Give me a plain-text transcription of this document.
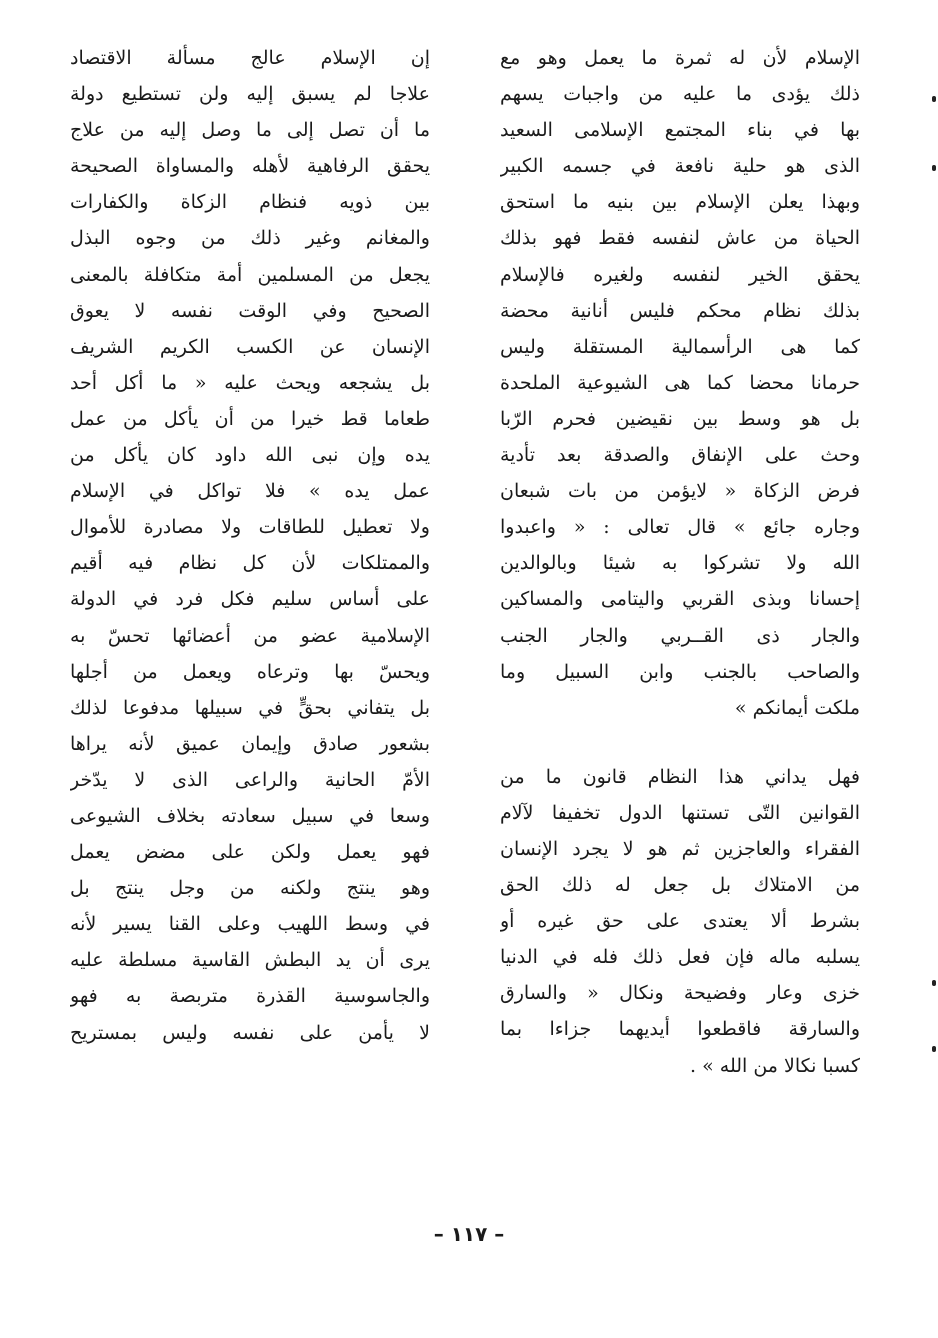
الإسلام لأن له ثمرة ما يعمل وهو مع
ذلك يؤدى ما عليه من واجبات يسهم
بها في بناء المجتمع الإسلامى السعيد
الذى هو حلية نافعة في جسمه الكبير
وبهذا يعلن الإسلام بين بنيه ما استحق
الحياة من عاش لنفسه فقط فهو بذلك
يحقق الخير لنفسه ولغيره فالإسلام
بذلك نظام محكم فليس أنانية محضة
كما هى الرأسمالية المستقلة وليس
حرمانا محضا كما هى الشيوعية الملحدة
بل هو وسط بين نقيضين فحرم الرّبا
وحث على الإنفاق والصدقة بعد تأدية
فرض الزكاة « لايؤمن من بات شبعان
وجاره جائع » قال تعالى : « واعبدوا
الله ولا تشركوا به شيئا وبالوالدين
إحسانا وبذى القربي واليتامى والمساكين
والجار ذى القــربي والجار الجنب
والصاحب بالجنب وابن السبيل وما
ملكت أيمانكم »
فهل يداني هذا النظام قانون ما من
القوانين التّى تستنها الدول تخفيفا لآلام
الفقراء والعاجزين ثم هو لا يجرد الإنسان
من الامتلاك بل جعل له ذلك الحق
بشرط ألا يعتدى على حق غيره أو
يسلبه ماله فإن فعل ذلك فله في الدنيا
خزى وعار وفضيحة ونكال « والسارق
والسارقة فاقطعوا أيديهما جزاءا بما
كسبا نكالا من الله » .
إن الإسلام عالج مسألة الاقتصاد
علاجا لم يسبق إليه ولن تستطيع دولة
ما أن تصل إلى ما وصل إليه من علاج
يحقق الرفاهية لأهله والمساواة الصحيحة
بين ذويه فنظام الزكاة والكفارات
والمغانم وغير ذلك من وجوه البذل
يجعل من المسلمين أمة متكافلة بالمعنى
الصحيح وفي الوقت نفسه لا يعوق
الإنسان عن الكسب الكريم الشريف
بل يشجعه ويحث عليه « ما أكل أحد
طعاما قط خيرا من أن يأكل من عمل
يده وإن نبى الله داود كان يأكل من
عمل يده » فلا تواكل في الإسلام
ولا تعطيل للطاقات ولا مصادرة للأموال
والممتلكات لأن كل نظام فيه أقيم
على أساس سليم فكل فرد في الدولة
الإسلامية عضو من أعضائها تحسّ به
ويحسّ بها وترعاه ويعمل من أجلها
بل يتفاني بحقٍّ في سبيلها مدفوعا لذلك
بشعور صادق وإيمان عميق لأنه يراها
الأمّ الحانية والراعى الذى لا يدّخر
وسعا في سبيل سعادته بخلاف الشيوعى
فهو يعمل ولكن على مضض يعمل
وهو ينتج ولكنه من وجل ينتج بل
في وسط اللهيب وعلى القنا يسير لأنه
يرى أن يد البطش القاسية مسلطة عليه
والجاسوسية القذرة متربصة به فهو
لا يأمن على نفسه وليس بمستريح
– ١١٧ –
